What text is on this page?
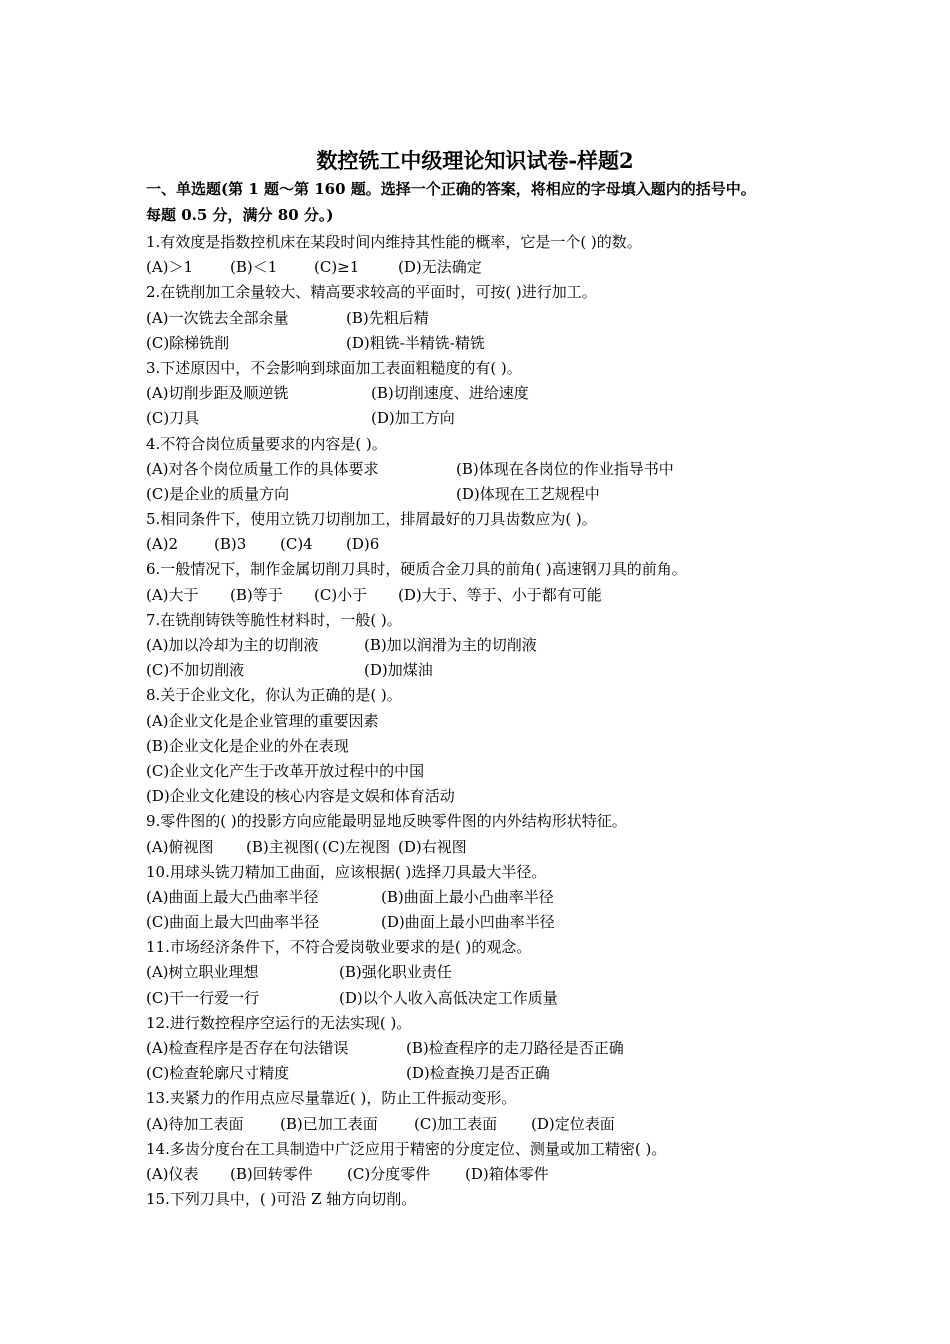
数控铣工中级理论知识试卷-样题2
一、单选题(第 1 题～第 160 题。选择一个正确的答案，将相应的字母填入题内的括号中。
每题 0.5 分，满分 80 分。)
1.有效度是指数控机床在某段时间内维持其性能的概率，它是一个( )的数。
(A)＞1 (B)＜1 (C)≥1	(D)无法确定
2.在铣削加工余量较大、精高要求较高的平面时，可按( )进行加工。
(A)一次铣去全部余量	(B)先粗后精
(C)除梯铣削	(D)粗铣-半精铣-精铣
3.下述原因中，不会影响到球面加工表面粗糙度的有( )。
(A)切削步距及顺逆铣	(B)切削速度、进给速度
(C)刀具	(D)加工方向
4.不符合岗位质量要求的内容是( )。
(A)对各个岗位质量工作的具体要求	(B)体现在各岗位的作业指导书中
(C)是企业的质量方向	(D)体现在工艺规程中
5.相同条件下，使用立铣刀切削加工，排屑最好的刀具齿数应为( )。
(A)2 (B)3 (C)4 (D)6
6.一般情况下，制作金属切削刀具时，硬质合金刀具的前角( )高速钢刀具的前角。
(A)大于 (B)等于 (C)小于 (D)大于、等于、小于都有可能
7.在铣削铸铁等脆性材料时，一般( )。
(A)加以冷却为主的切削液	(B)加以润滑为主的切削液
(C)不加切削液	(D)加煤油
8.关于企业文化，你认为正确的是( )。
(A)企业文化是企业管理的重要因素
(B)企业文化是企业的外在表现
(C)企业文化产生于改革开放过程中的中国
(D)企业文化建设的核心内容是文娱和体育活动
9.零件图的( )的投影方向应能最明显地反映零件图的内外结构形状特征。
(A)俯视图 (B)主视图( (C)左视图 (D)右视图
10.用球头铣刀精加工曲面，应该根据( )选择刀具最大半径。
(A)曲面上最大凸曲率半径	(B)曲面上最小凸曲率半径
(C)曲面上最大凹曲率半径	(D)曲面上最小凹曲率半径
11.市场经济条件下，不符合爱岗敬业要求的是( )的观念。
(A)树立职业理想	(B)强化职业责任
(C)干一行爱一行	(D)以个人收入高低决定工作质量
12.进行数控程序空运行的无法实现( )。
(A)检查程序是否存在句法错误	(B)检查程序的走刀路径是否正确
(C)检查轮廓尺寸精度	(D)检查换刀是否正确
13.夹紧力的作用点应尽量靠近( )，防止工件振动变形。
(A)待加工表面 (B)已加工表面 (C)加工表面 (D)定位表面
14.多齿分度台在工具制造中广泛应用于精密的分度定位、测量或加工精密( )。
(A)仪表 (B)回转零件 (C)分度零件 (D)箱体零件
15.下列刀具中，( )可沿 Z 轴方向切削。
